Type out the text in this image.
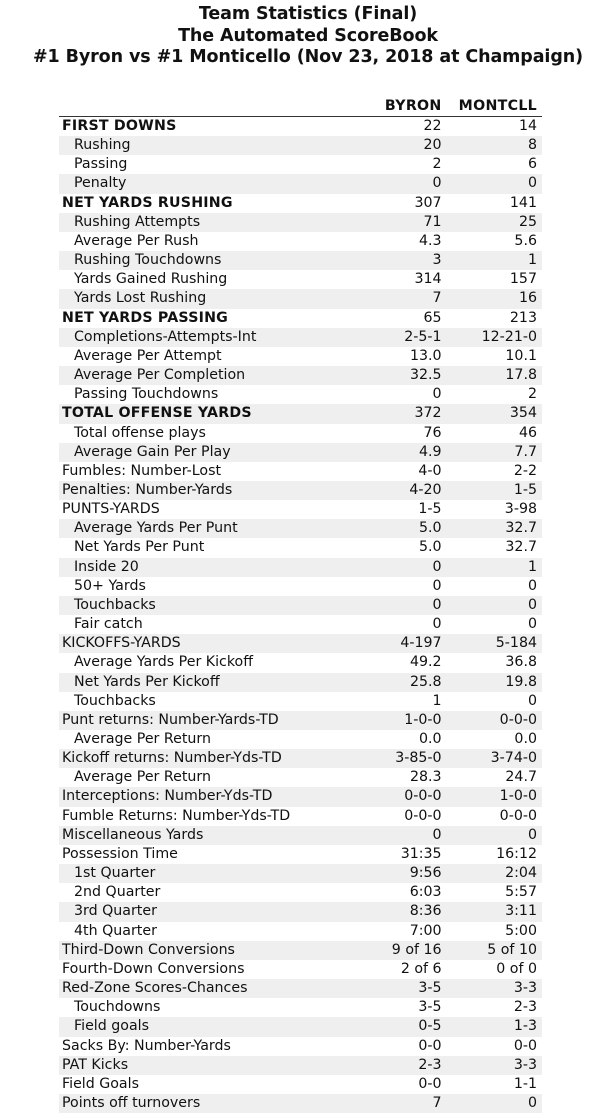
Team Statistics (Final)
The Automated ScoreBook
#1 Byron vs #1 Monticello (Nov 23, 2018 at Champaign)
	BYRON	MONTCLL
FIRST DOWNS	22	14
Rushing	20	8
Passing	2	6
Penalty	0	0
NET YARDS RUSHING	307	141
Rushing Attempts	71	25
Average Per Rush	4.3	5.6
Rushing Touchdowns	3	1
Yards Gained Rushing	314	157
Yards Lost Rushing	7	16
NET YARDS PASSING	65	213
Completions-Attempts-Int	2-5-1	12-21-0
Average Per Attempt	13.0	10.1
Average Per Completion	32.5	17.8
Passing Touchdowns	0	2
TOTAL OFFENSE YARDS	372	354
Total offense plays	76	46
Average Gain Per Play	4.9	7.7
Fumbles: Number-Lost	4-0	2-2
Penalties: Number-Yards	4-20	1-5
PUNTS-YARDS	1-5	3-98
Average Yards Per Punt	5.0	32.7
Net Yards Per Punt	5.0	32.7
Inside 20	0	1
50+ Yards	0	0
Touchbacks	0	0
Fair catch	0	0
KICKOFFS-YARDS	4-197	5-184
Average Yards Per Kickoff	49.2	36.8
Net Yards Per Kickoff	25.8	19.8
Touchbacks	1	0
Punt returns: Number-Yards-TD	1-0-0	0-0-0
Average Per Return	0.0	0.0
Kickoff returns: Number-Yds-TD	3-85-0	3-74-0
Average Per Return	28.3	24.7
Interceptions: Number-Yds-TD	0-0-0	1-0-0
Fumble Returns: Number-Yds-TD	0-0-0	0-0-0
Miscellaneous Yards	0	0
Possession Time	31:35	16:12
1st Quarter	9:56	2:04
2nd Quarter	6:03	5:57
3rd Quarter	8:36	3:11
4th Quarter	7:00	5:00
Third-Down Conversions	9 of 16	5 of 10
Fourth-Down Conversions	2 of 6	0 of 0
Red-Zone Scores-Chances	3-5	3-3
Touchdowns	3-5	2-3
Field goals	0-5	1-3
Sacks By: Number-Yards	0-0	0-0
PAT Kicks	2-3	3-3
Field Goals	0-0	1-1
Points off turnovers	7	0
